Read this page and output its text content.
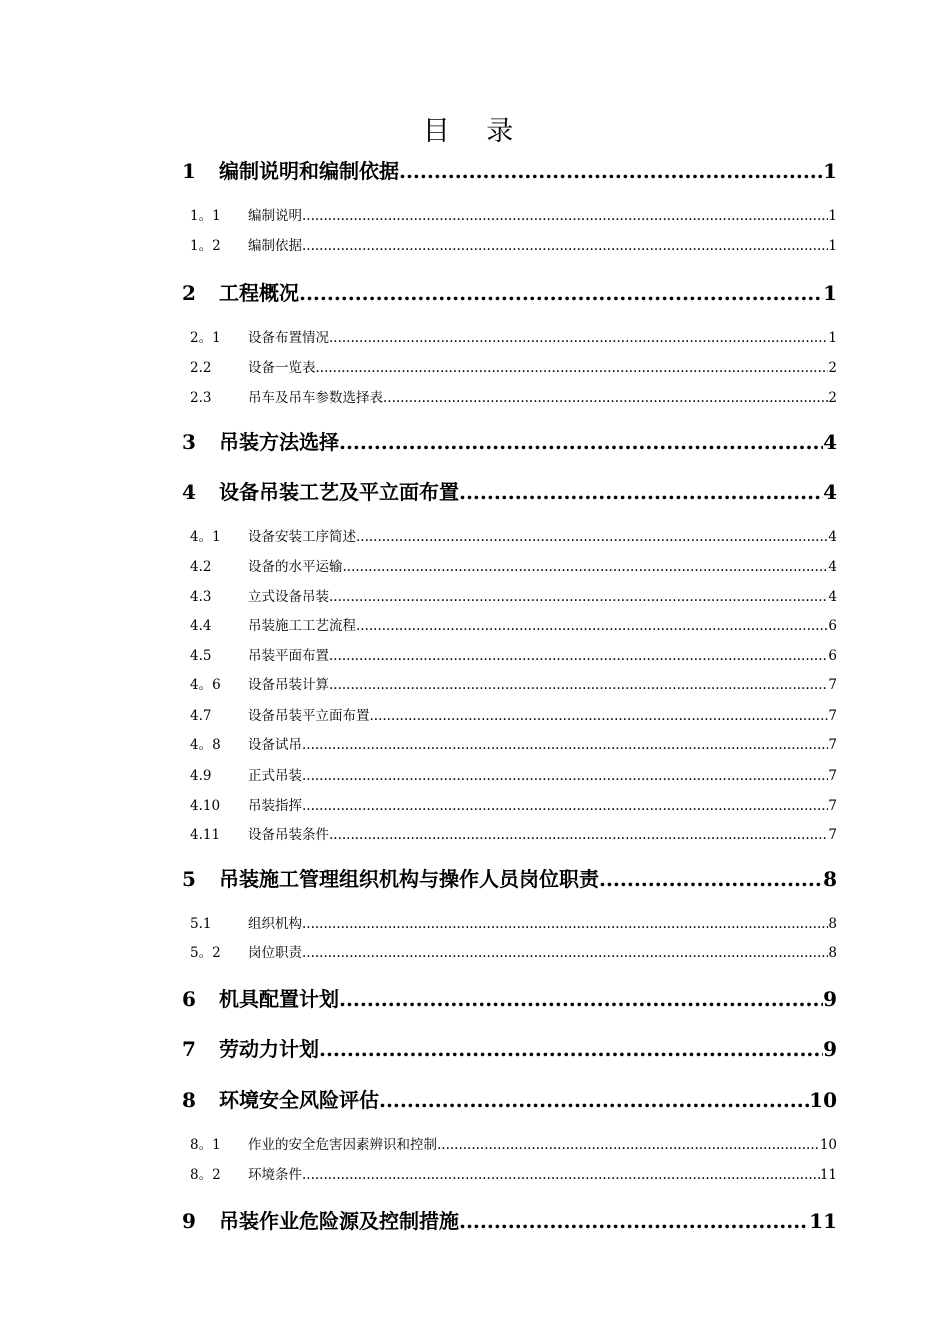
目 录
1	编制说明和编制依据 .....	1
1。1	编制说明 .....	1
1。2	编制依据 .....	1
2	工程概况 .....	1
2。1	设备布置情况 .....	1
2.2	设备一览表 .....	2
2.3	吊车及吊车参数选择表 .....	2
3	吊装方法选择 .....	4
4	设备吊装工艺及平立面布置 .....	4
4。1	设备安装工序简述 .....	4
4.2	设备的水平运输 .....	4
4.3	立式设备吊装 .....	4
4.4	吊装施工工艺流程 .....	6
4.5	吊装平面布置 .....	6
4。6	设备吊装计算 .....	7
4.7	设备吊装平立面布置 .....	7
4。8	设备试吊 .....	7
4.9	正式吊装 .....	7
4.10	吊装指挥 .....	7
4.11	设备吊装条件 .....	7
5	吊装施工管理组织机构与操作人员岗位职责 .....	8
5.1	组织机构 .....	8
5。2	岗位职责 .....	8
6	机具配置计划 .....	9
7	劳动力计划 .....	9
8	环境安全风险评估 .....	10
8。1	作业的安全危害因素辨识和控制 .....	10
8。2	环境条件 .....	11
9	吊装作业危险源及控制措施 .....	11
